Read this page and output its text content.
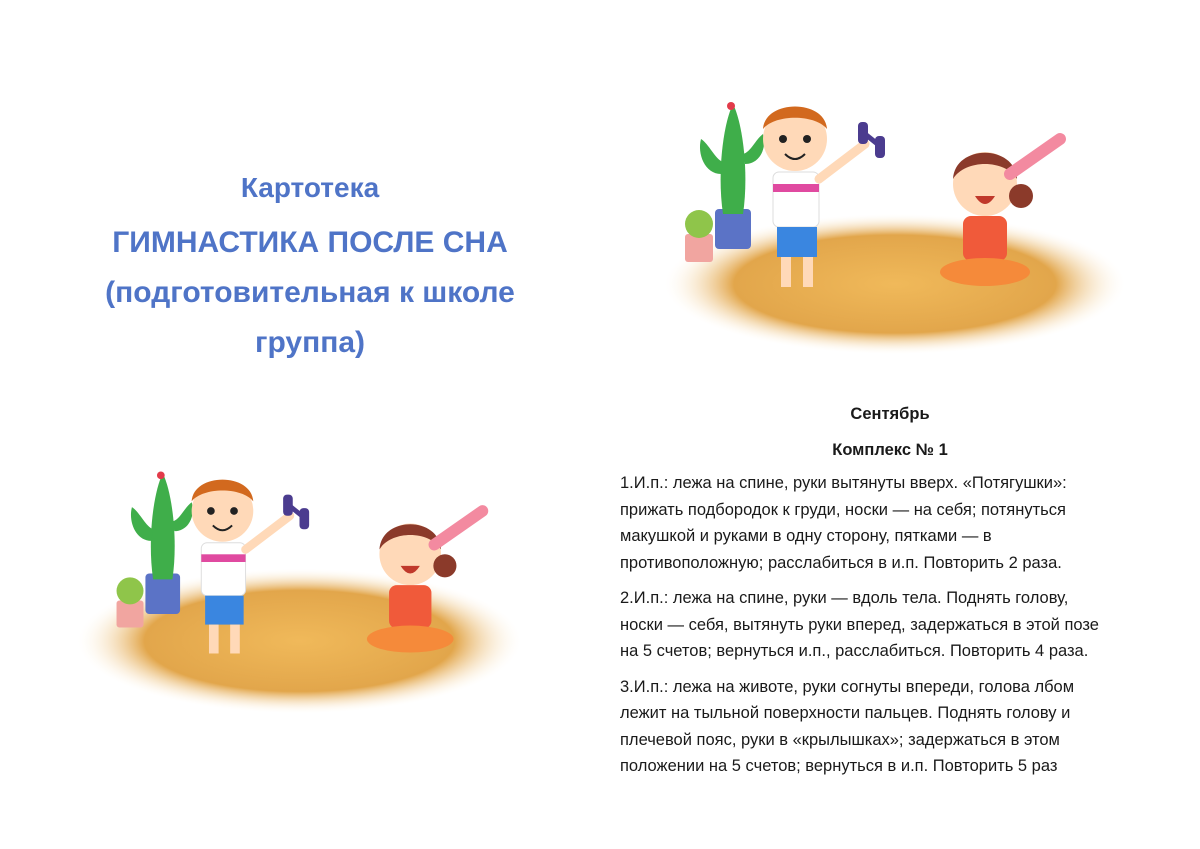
Картотека
ГИМНАСТИКА ПОСЛЕ СНА
(подготовительная к школе
группа)
Сентябрь
Комплекс № 1
1.И.п.: лежа на спине, руки вытянуты вверх. «Потягушки»:
прижать подбородок к груди, носки — на себя; потянуться
макушкой и руками в одну сторону, пятками — в
противоположную; расслабиться в и.п. Повторить 2 раза.
2.И.п.: лежа на спине, руки — вдоль тела. Поднять голову,
носки — себя, вытянуть руки вперед, задержаться в этой позе
на 5 счетов; вернуться и.п., расслабиться. Повторить 4 раза.
3.И.п.: лежа на животе, руки согнуты впереди, голова лбом
лежит на тыльной поверхности пальцев. Поднять голову и
плечевой пояс, руки в «крылышках»; задержаться в этом
положении на 5 счетов; вернуться в и.п. Повторить 5 раз
